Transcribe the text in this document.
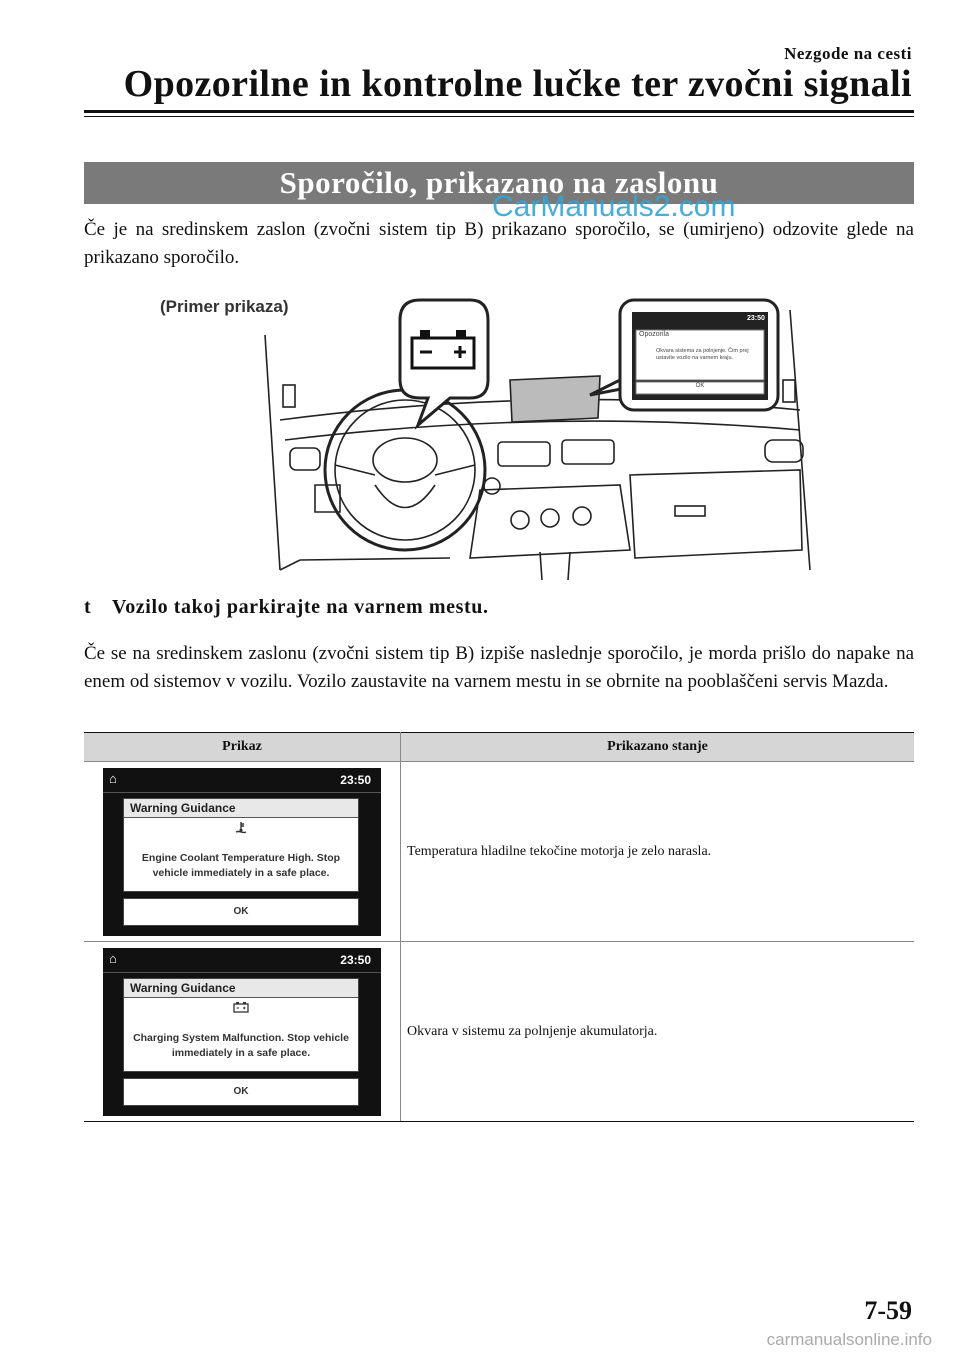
Nezgode na cesti
Opozorilne in kontrolne lučke ter zvočni signali
Sporočilo, prikazano na zaslonu
CarManuals2.com
Če je na sredinskem zaslon (zvočni sistem tip B) prikazano sporočilo, se (umirjeno) odzovite glede na prikazano sporočilo.
23:50
Opozorila
Okvara sistema za polnjenje. Čim prej ustavite vozilo na varnem kraju.
OK
(Primer prikaza)
t Vozilo takoj parkirajte na varnem mestu.
Če se na sredinskem zaslonu (zvočni sistem tip B) izpiše naslednje sporočilo, je morda prišlo do napake na enem od sistemov v vozilu. Vozilo zaustavite na varnem mestu in se obrnite na pooblaščeni servis Mazda.
Prikaz	Prikazano stanje

⌂ 23:50
Warning Guidance
Engine Coolant Temperature High. Stop vehicle immediately in a safe place.
OK	Temperatura hladilne tekočine motorja je zelo narasla.

⌂ 23:50
Warning Guidance
Charging System Malfunction. Stop vehicle immediately in a safe place.
OK	Okvara v sistemu za polnjenje akumulatorja.
7-59
carmanualsonline.info
